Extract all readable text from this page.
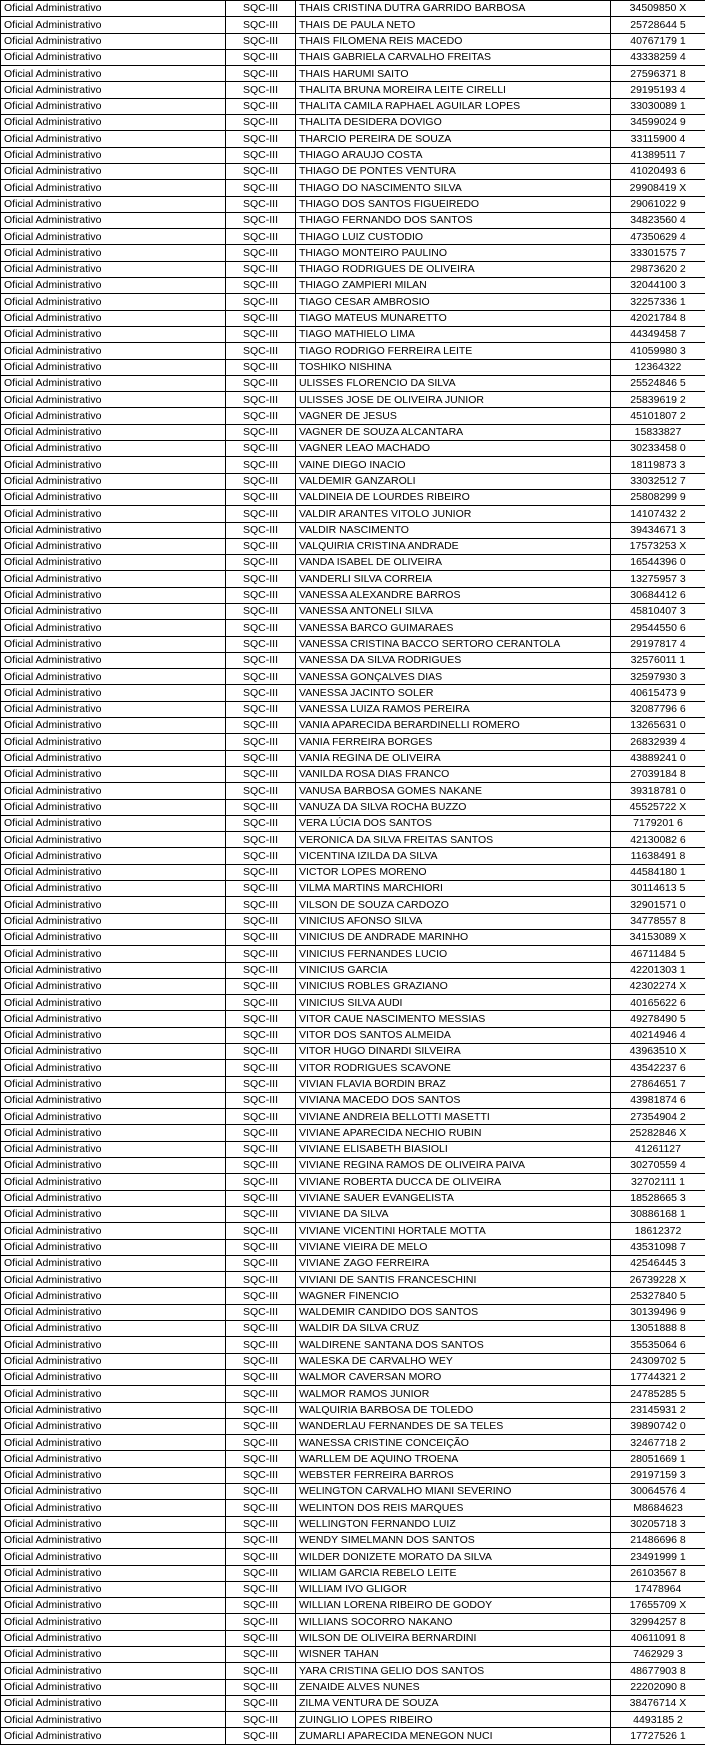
Oficial Administrativo	SQC-III	THAIS CRISTINA DUTRA GARRIDO BARBOSA	34509850 X
Oficial Administrativo	SQC-III	THAIS DE PAULA NETO	25728644 5
Oficial Administrativo	SQC-III	THAIS FILOMENA REIS MACEDO	40767179 1
Oficial Administrativo	SQC-III	THAIS GABRIELA CARVALHO FREITAS	43338259 4
Oficial Administrativo	SQC-III	THAIS HARUMI SAITO	27596371 8
Oficial Administrativo	SQC-III	THALITA BRUNA MOREIRA LEITE CIRELLI	29195193 4
Oficial Administrativo	SQC-III	THALITA CAMILA RAPHAEL AGUILAR LOPES	33030089 1
Oficial Administrativo	SQC-III	THALITA DESIDERA DOVIGO	34599024 9
Oficial Administrativo	SQC-III	THARCIO PEREIRA DE SOUZA	33115900 4
Oficial Administrativo	SQC-III	THIAGO ARAUJO COSTA	41389511 7
Oficial Administrativo	SQC-III	THIAGO DE PONTES VENTURA	41020493 6
Oficial Administrativo	SQC-III	THIAGO DO NASCIMENTO SILVA	29908419 X
Oficial Administrativo	SQC-III	THIAGO DOS SANTOS FIGUEIREDO	29061022 9
Oficial Administrativo	SQC-III	THIAGO FERNANDO DOS SANTOS	34823560 4
Oficial Administrativo	SQC-III	THIAGO LUIZ CUSTODIO	47350629 4
Oficial Administrativo	SQC-III	THIAGO MONTEIRO PAULINO	33301575 7
Oficial Administrativo	SQC-III	THIAGO RODRIGUES DE OLIVEIRA	29873620 2
Oficial Administrativo	SQC-III	THIAGO ZAMPIERI MILAN	32044100 3
Oficial Administrativo	SQC-III	TIAGO CESAR AMBROSIO	32257336 1
Oficial Administrativo	SQC-III	TIAGO MATEUS MUNARETTO	42021784 8
Oficial Administrativo	SQC-III	TIAGO MATHIELO LIMA	44349458 7
Oficial Administrativo	SQC-III	TIAGO RODRIGO FERREIRA LEITE	41059980 3
Oficial Administrativo	SQC-III	TOSHIKO NISHINA	12364322
Oficial Administrativo	SQC-III	ULISSES FLORENCIO DA SILVA	25524846 5
Oficial Administrativo	SQC-III	ULISSES JOSE DE OLIVEIRA JUNIOR	25839619 2
Oficial Administrativo	SQC-III	VAGNER DE JESUS	45101807 2
Oficial Administrativo	SQC-III	VAGNER DE SOUZA ALCANTARA	15833827
Oficial Administrativo	SQC-III	VAGNER LEAO MACHADO	30233458 0
Oficial Administrativo	SQC-III	VAINE DIEGO INACIO	18119873 3
Oficial Administrativo	SQC-III	VALDEMIR GANZAROLI	33032512 7
Oficial Administrativo	SQC-III	VALDINEIA DE LOURDES RIBEIRO	25808299 9
Oficial Administrativo	SQC-III	VALDIR ARANTES VITOLO JUNIOR	14107432 2
Oficial Administrativo	SQC-III	VALDIR NASCIMENTO	39434671 3
Oficial Administrativo	SQC-III	VALQUIRIA CRISTINA ANDRADE	17573253 X
Oficial Administrativo	SQC-III	VANDA ISABEL DE OLIVEIRA	16544396 0
Oficial Administrativo	SQC-III	VANDERLI SILVA CORREIA	13275957 3
Oficial Administrativo	SQC-III	VANESSA ALEXANDRE BARROS	30684412 6
Oficial Administrativo	SQC-III	VANESSA ANTONELI SILVA	45810407 3
Oficial Administrativo	SQC-III	VANESSA BARCO GUIMARAES	29544550 6
Oficial Administrativo	SQC-III	VANESSA CRISTINA BACCO SERTORO CERANTOLA	29197817 4
Oficial Administrativo	SQC-III	VANESSA DA SILVA RODRIGUES	32576011 1
Oficial Administrativo	SQC-III	VANESSA GONÇALVES DIAS	32597930 3
Oficial Administrativo	SQC-III	VANESSA JACINTO SOLER	40615473 9
Oficial Administrativo	SQC-III	VANESSA LUIZA RAMOS PEREIRA	32087796 6
Oficial Administrativo	SQC-III	VANIA APARECIDA BERARDINELLI ROMERO	13265631 0
Oficial Administrativo	SQC-III	VANIA FERREIRA BORGES	26832939 4
Oficial Administrativo	SQC-III	VANIA REGINA DE OLIVEIRA	43889241 0
Oficial Administrativo	SQC-III	VANILDA ROSA DIAS FRANCO	27039184 8
Oficial Administrativo	SQC-III	VANUSA BARBOSA GOMES NAKANE	39318781 0
Oficial Administrativo	SQC-III	VANUZA DA SILVA ROCHA BUZZO	45525722 X
Oficial Administrativo	SQC-III	VERA LÚCIA DOS SANTOS	7179201 6
Oficial Administrativo	SQC-III	VERONICA DA SILVA FREITAS SANTOS	42130082 6
Oficial Administrativo	SQC-III	VICENTINA IZILDA DA SILVA	11638491 8
Oficial Administrativo	SQC-III	VICTOR LOPES MORENO	44584180 1
Oficial Administrativo	SQC-III	VILMA MARTINS MARCHIORI	30114613 5
Oficial Administrativo	SQC-III	VILSON DE SOUZA CARDOZO	32901571 0
Oficial Administrativo	SQC-III	VINICIUS AFONSO SILVA	34778557 8
Oficial Administrativo	SQC-III	VINICIUS DE ANDRADE MARINHO	34153089 X
Oficial Administrativo	SQC-III	VINICIUS FERNANDES LUCIO	46711484 5
Oficial Administrativo	SQC-III	VINICIUS GARCIA	42201303 1
Oficial Administrativo	SQC-III	VINICIUS ROBLES GRAZIANO	42302274 X
Oficial Administrativo	SQC-III	VINICIUS SILVA AUDI	40165622 6
Oficial Administrativo	SQC-III	VITOR CAUE NASCIMENTO MESSIAS	49278490 5
Oficial Administrativo	SQC-III	VITOR DOS SANTOS ALMEIDA	40214946 4
Oficial Administrativo	SQC-III	VITOR HUGO DINARDI SILVEIRA	43963510 X
Oficial Administrativo	SQC-III	VITOR RODRIGUES SCAVONE	43542237 6
Oficial Administrativo	SQC-III	VIVIAN FLAVIA BORDIN BRAZ	27864651 7
Oficial Administrativo	SQC-III	VIVIANA MACEDO DOS SANTOS	43981874 6
Oficial Administrativo	SQC-III	VIVIANE ANDREIA BELLOTTI MASETTI	27354904 2
Oficial Administrativo	SQC-III	VIVIANE APARECIDA NECHIO RUBIN	25282846 X
Oficial Administrativo	SQC-III	VIVIANE ELISABETH BIASIOLI	41261127
Oficial Administrativo	SQC-III	VIVIANE REGINA RAMOS DE OLIVEIRA PAIVA	30270559 4
Oficial Administrativo	SQC-III	VIVIANE ROBERTA DUCCA DE OLIVEIRA	32702111 1
Oficial Administrativo	SQC-III	VIVIANE SAUER EVANGELISTA	18528665 3
Oficial Administrativo	SQC-III	VIVIANE DA SILVA	30886168 1
Oficial Administrativo	SQC-III	VIVIANE VICENTINI HORTALE MOTTA	18612372
Oficial Administrativo	SQC-III	VIVIANE VIEIRA DE MELO	43531098 7
Oficial Administrativo	SQC-III	VIVIANE ZAGO FERREIRA	42546445 3
Oficial Administrativo	SQC-III	VIVIANI DE SANTIS FRANCESCHINI	26739228 X
Oficial Administrativo	SQC-III	WAGNER FINENCIO	25327840 5
Oficial Administrativo	SQC-III	WALDEMIR CANDIDO DOS SANTOS	30139496 9
Oficial Administrativo	SQC-III	WALDIR DA SILVA CRUZ	13051888 8
Oficial Administrativo	SQC-III	WALDIRENE SANTANA DOS SANTOS	35535064 6
Oficial Administrativo	SQC-III	WALESKA DE CARVALHO WEY	24309702 5
Oficial Administrativo	SQC-III	WALMOR CAVERSAN MORO	17744321 2
Oficial Administrativo	SQC-III	WALMOR RAMOS JUNIOR	24785285 5
Oficial Administrativo	SQC-III	WALQUIRIA BARBOSA DE TOLEDO	23145931 2
Oficial Administrativo	SQC-III	WANDERLAU FERNANDES DE SA TELES	39890742 0
Oficial Administrativo	SQC-III	WANESSA CRISTINE CONCEIÇÃO	32467718 2
Oficial Administrativo	SQC-III	WARLLEM DE AQUINO TROENA	28051669 1
Oficial Administrativo	SQC-III	WEBSTER FERREIRA BARROS	29197159 3
Oficial Administrativo	SQC-III	WELINGTON CARVALHO MIANI SEVERINO	30064576 4
Oficial Administrativo	SQC-III	WELINTON DOS REIS MARQUES	M8684623
Oficial Administrativo	SQC-III	WELLINGTON FERNANDO LUIZ	30205718 3
Oficial Administrativo	SQC-III	WENDY SIMELMANN DOS SANTOS	21486696 8
Oficial Administrativo	SQC-III	WILDER DONIZETE MORATO DA SILVA	23491999 1
Oficial Administrativo	SQC-III	WILIAM GARCIA REBELO LEITE	26103567 8
Oficial Administrativo	SQC-III	WILLIAM IVO GLIGOR	17478964
Oficial Administrativo	SQC-III	WILLIAN LORENA RIBEIRO DE GODOY	17655709 X
Oficial Administrativo	SQC-III	WILLIANS SOCORRO NAKANO	32994257 8
Oficial Administrativo	SQC-III	WILSON DE OLIVEIRA BERNARDINI	40611091 8
Oficial Administrativo	SQC-III	WISNER TAHAN	7462929 3
Oficial Administrativo	SQC-III	YARA CRISTINA GELIO DOS SANTOS	48677903 8
Oficial Administrativo	SQC-III	ZENAIDE ALVES NUNES	22202090 8
Oficial Administrativo	SQC-III	ZILMA VENTURA DE SOUZA	38476714 X
Oficial Administrativo	SQC-III	ZUINGLIO LOPES RIBEIRO	4493185 2
Oficial Administrativo	SQC-III	ZUMARLI APARECIDA MENEGON NUCI	17727526 1
